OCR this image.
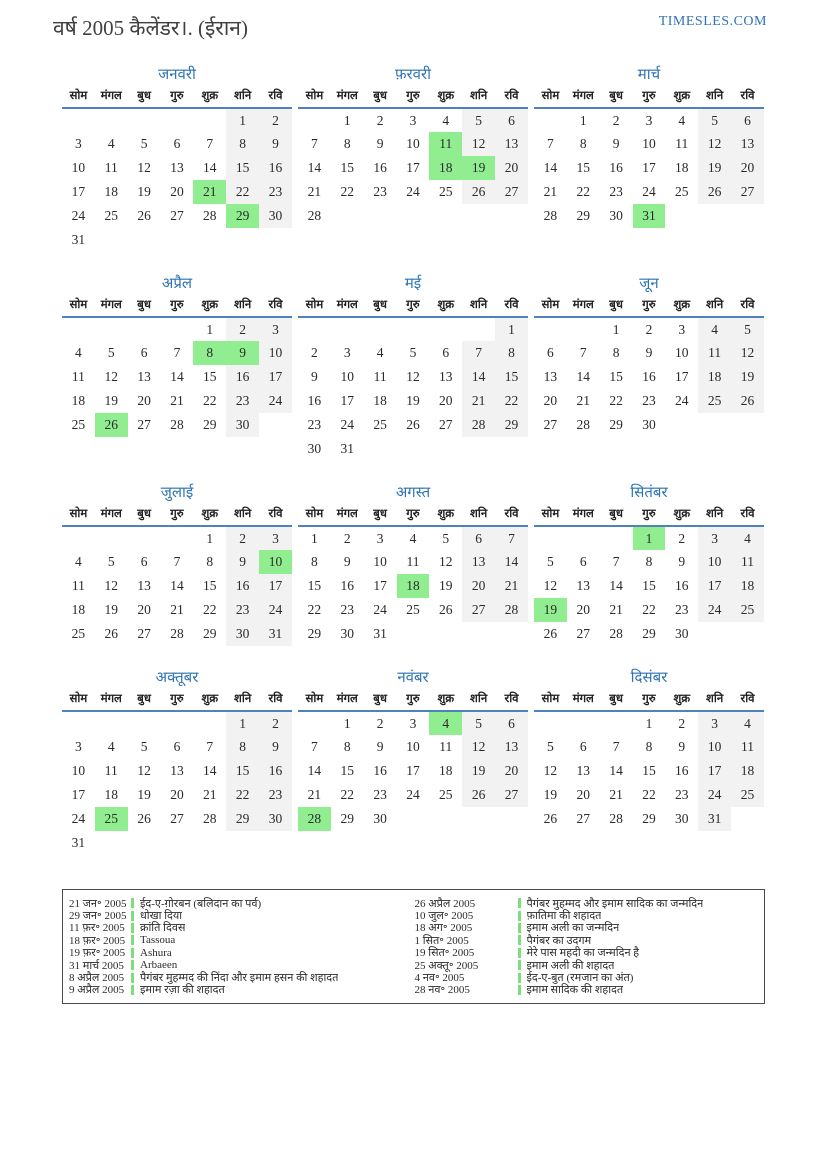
वर्ष 2005 कैलेंडर।. (ईरान)	TIMESLES.COM
जनवरी
सोम	मंगल	बुध	गुरु	शुक्र	शनि	रवि
					1	2
3	4	5	6	7	8	9
10	11	12	13	14	15	16
17	18	19	20	21	22	23
24	25	26	27	28	29	30
31						
फ़रवरी
सोम	मंगल	बुध	गुरु	शुक्र	शनि	रवि
	1	2	3	4	5	6
7	8	9	10	11	12	13
14	15	16	17	18	19	20
21	22	23	24	25	26	27
28						
मार्च
सोम	मंगल	बुध	गुरु	शुक्र	शनि	रवि
	1	2	3	4	5	6
7	8	9	10	11	12	13
14	15	16	17	18	19	20
21	22	23	24	25	26	27
28	29	30	31			
अप्रैल
सोम	मंगल	बुध	गुरु	शुक्र	शनि	रवि
				1	2	3
4	5	6	7	8	9	10
11	12	13	14	15	16	17
18	19	20	21	22	23	24
25	26	27	28	29	30	
मई
सोम	मंगल	बुध	गुरु	शुक्र	शनि	रवि
						1
2	3	4	5	6	7	8
9	10	11	12	13	14	15
16	17	18	19	20	21	22
23	24	25	26	27	28	29
30	31					
जून
सोम	मंगल	बुध	गुरु	शुक्र	शनि	रवि
		1	2	3	4	5
6	7	8	9	10	11	12
13	14	15	16	17	18	19
20	21	22	23	24	25	26
27	28	29	30			
जुलाई
सोम	मंगल	बुध	गुरु	शुक्र	शनि	रवि
				1	2	3
4	5	6	7	8	9	10
11	12	13	14	15	16	17
18	19	20	21	22	23	24
25	26	27	28	29	30	31
अगस्त
सोम	मंगल	बुध	गुरु	शुक्र	शनि	रवि
1	2	3	4	5	6	7
8	9	10	11	12	13	14
15	16	17	18	19	20	21
22	23	24	25	26	27	28
29	30	31				
सितंबर
सोम	मंगल	बुध	गुरु	शुक्र	शनि	रवि
			1	2	3	4
5	6	7	8	9	10	11
12	13	14	15	16	17	18
19	20	21	22	23	24	25
26	27	28	29	30		
अक्तूबर
सोम	मंगल	बुध	गुरु	शुक्र	शनि	रवि
					1	2
3	4	5	6	7	8	9
10	11	12	13	14	15	16
17	18	19	20	21	22	23
24	25	26	27	28	29	30
31						
नवंबर
सोम	मंगल	बुध	गुरु	शुक्र	शनि	रवि
	1	2	3	4	5	6
7	8	9	10	11	12	13
14	15	16	17	18	19	20
21	22	23	24	25	26	27
28	29	30				
दिसंबर
सोम	मंगल	बुध	गुरु	शुक्र	शनि	रवि
			1	2	3	4
5	6	7	8	9	10	11
12	13	14	15	16	17	18
19	20	21	22	23	24	25
26	27	28	29	30	31	
21 जन॰ 2005	ईद-ए-ग़ोरबन (बलिदान का पर्व)
29 जन॰ 2005	धोखा दिया
11 फ़र॰ 2005	क्रांति दिवस
18 फ़र॰ 2005	Tassoua
19 फ़र॰ 2005	Ashura
31 मार्च 2005	Arbaeen
8 अप्रैल 2005	पैगंबर मुहम्मद की निंदा और इमाम हसन की शहादत
9 अप्रैल 2005	इमाम रज़ा की शहादत
26 अप्रैल 2005	पैगंबर मुहम्मद और इमाम सादिक का जन्मदिन
10 जुल॰ 2005	फ़ातिमा की शहादत
18 अग॰ 2005	इमाम अली का जन्मदिन
1 सित॰ 2005	पैगंबर का उदगम
19 सित॰ 2005	मेरे पास महदी का जन्मदिन है
25 अक्तू॰ 2005	इमाम अली की शहादत
4 नव॰ 2005	ईद-ए-बुत (रमजान का अंत)
28 नव॰ 2005	इमाम सादिक की शहादत
